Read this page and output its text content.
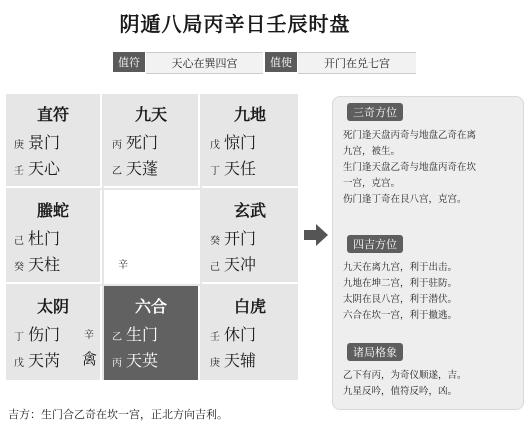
阴遁八局丙辛日壬辰时盘
值符	天心在巽四宫	值使	开门在兑七宫
直符
庚 景门
壬 天心
九天
丙 死门
乙 天蓬
九地
戊 惊门
丁 天任
螣蛇
己 杜门
癸 天柱	辛
玄武
癸 开门
己 天冲
太阴
丁 伤门
戊 天芮
辛
禽
六合
乙 生门
丙 天英
白虎
壬 休门
庚 天辅
三奇方位
死门逢天盘丙奇与地盘乙奇在离
九宫，被生。
生门逢天盘乙奇与地盘丙奇在坎
一宫，克宫。
伤门逢丁奇在艮八宫，克宫。
四吉方位
九天在离九宫，利于出击。
九地在坤二宫，利于驻防。
太阴在艮八宫，利于潜伏。
六合在坎一宫，利于撤逃。
诸局格象
乙下有丙，为奇仪顺遂，吉。
九星反吟，值符反吟，凶。
吉方：生门合乙奇在坎一宫，正北方向吉利。
